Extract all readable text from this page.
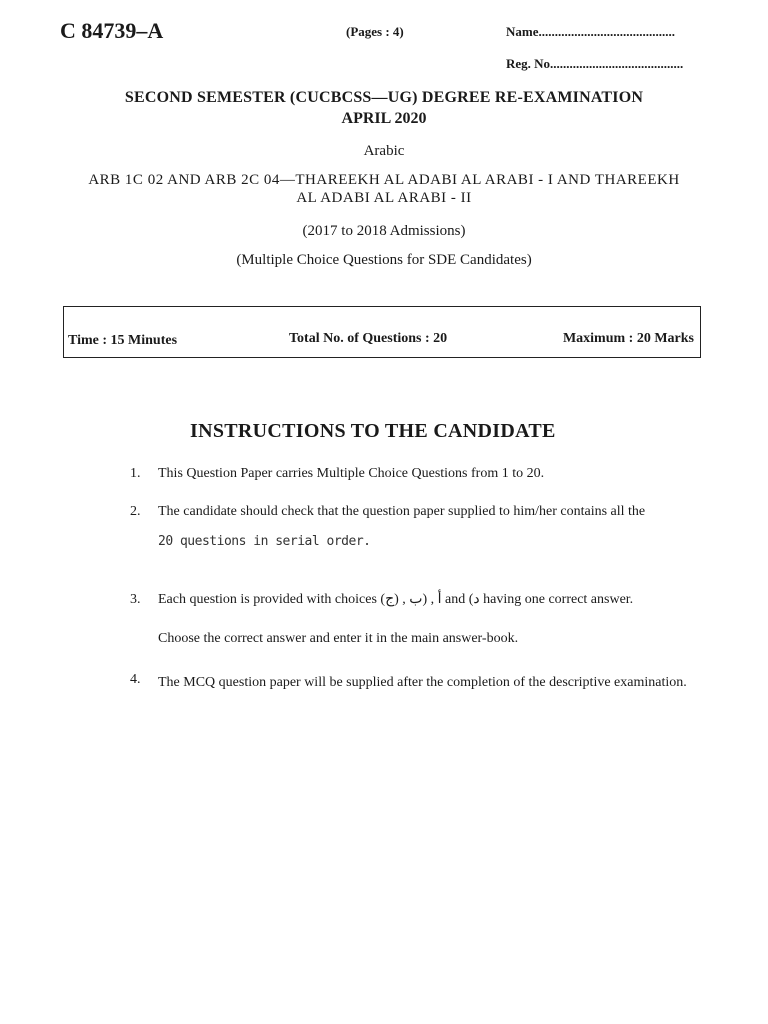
C 84739–A	(Pages : 4)	Name..........................................
Reg. No.........................................
SECOND SEMESTER (CUCBCSS—UG) DEGREE RE-EXAMINATION
APRIL 2020
Arabic
ARB 1C 02 AND ARB 2C 04—THAREEKH AL ADABI AL ARABI - I AND THAREEKH
AL ADABI AL ARABI - II
(2017 to 2018 Admissions)
(Multiple Choice Questions for SDE Candidates)
Time : 15 Minutes	Total No. of Questions : 20	Maximum : 20 Marks
INSTRUCTIONS TO THE CANDIDATE
1. This Question Paper carries Multiple Choice Questions from 1 to 20.
2. The candidate should check that the question paper supplied to him/her contains all the
20 questions in serial order.
3. Each question is provided with choices (أ , (ب , (ج and (د having one correct answer.
Choose the correct answer and enter it in the main answer-book.
4. The MCQ question paper will be supplied after the completion of the descriptive examination.
